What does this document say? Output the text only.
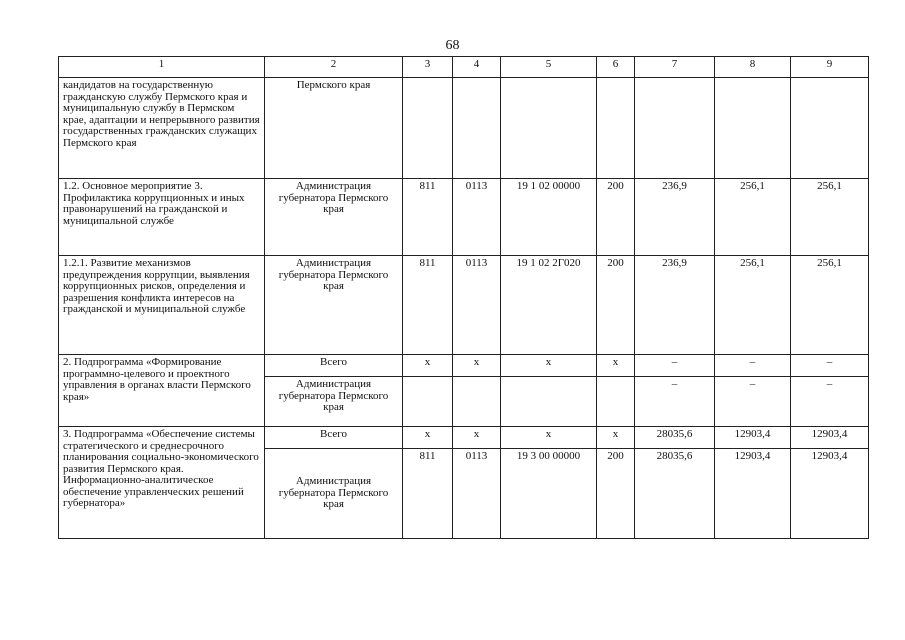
68
1	2	3	4	5	6	7	8	9
кандидатов на государственную гражданскую службу Пермского края и муниципальную службу в Пермском крае, адаптации и непрерывного развития государственных гражданских служащих Пермского края	Пермского края							
1.2. Основное мероприятие 3. Профилактика коррупционных и иных правонарушений на гражданской и муниципальной службе	Администрация губернатора Пермского края	811	0113	19 1 02 00000	200	236,9	256,1	256,1
1.2.1. Развитие механизмов предупреждения коррупции, выявления коррупционных рисков, определения и разрешения конфликта интересов на гражданской и муниципальной службе	Администрация губернатора Пермского края	811	0113	19 1 02 2Г020	200	236,9	256,1	256,1
2. Подпрограмма «Формирование программно-целевого и проектного управления в органах власти Пермского края»	Всего	x	x	x	x	–	–	–
	Администрация губернатора Пермского края					–	–	–
3. Подпрограмма «Обеспечение системы стратегического и среднесрочного планирования социально-экономического развития Пермского края. Информационно-аналитическое обеспечение управленческих решений губернатора»	Всего	x	x	x	x	28035,6	12903,4	12903,4
	Администрация губернатора Пермского края	811	0113	19 3 00 00000	200	28035,6	12903,4	12903,4
